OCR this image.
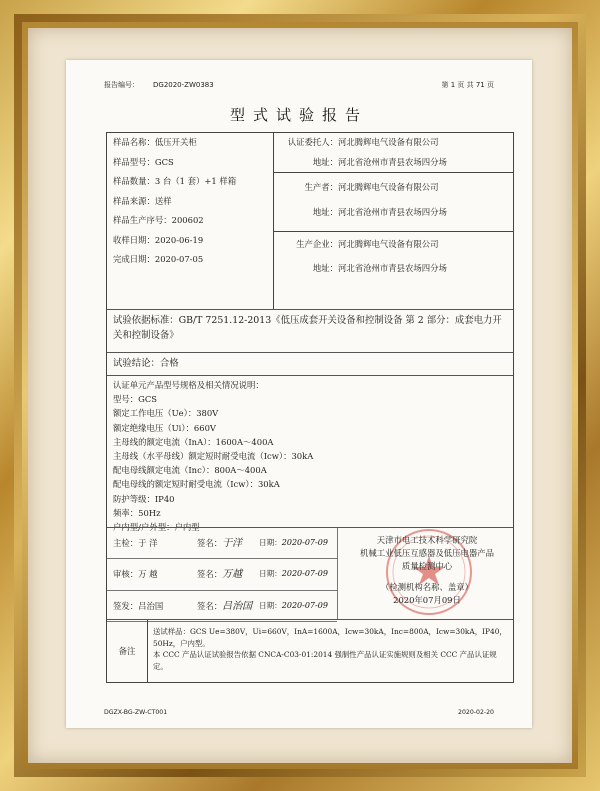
报告编号： DG2020-ZW0383	第 1 页 共 71 页
型式试验报告
样品名称：低压开关柜
样品型号：GCS
样品数量：3 台（1 套）+1 样箱
样品来源：送样
样品生产序号：200602
收样日期：2020-06-19
完成日期：2020-07-05
认证委托人：河北腾辉电气设备有限公司
地址：河北省沧州市青县农场四分场
生产者：河北腾辉电气设备有限公司
地址：河北省沧州市青县农场四分场
生产企业：河北腾辉电气设备有限公司
地址：河北省沧州市青县农场四分场
试验依据标准：GB/T 7251.12-2013《低压成套开关设备和控制设备 第 2 部分：成套电力开关和控制设备》
试验结论：合格
认证单元产品型号规格及相关情况说明：
型号：GCS
额定工作电压（Ue）：380V
额定绝缘电压（Ui）：660V
主母线的额定电流（InA）：1600A～400A
主母线（水平母线）额定短时耐受电流（Icw）：30kA
配电母线额定电流（Inc）：800A～400A
配电母线的额定短时耐受电流（Icw）：30kA
防护等级：IP40
频率：50Hz
户内型/户外型：户内型
主检：于 洋	签名：于洋	日期：2020-07-09
审核：万 越	签名：万越	日期：2020-07-09
签发：吕治国	签名：吕治国 日期：2020-07-09
天津市电工技术科学研究院
机械工业低压互感器及低压电器产品
质量检测中心
（检测机构名称、盖章）
2020年07月09日
备注
送试样品：GCS Ue=380V，Ui=660V，InA=1600A，Icw=30kA，Inc=800A，Icw=30kA，IP40，50Hz，户内型。
本 CCC 产品认证试验报告依据 CNCA-C03-01:2014 强制性产品认证实施规则及相关 CCC 产品认证规定。
DGZX-BG-ZW-CT001	2020-02-20
